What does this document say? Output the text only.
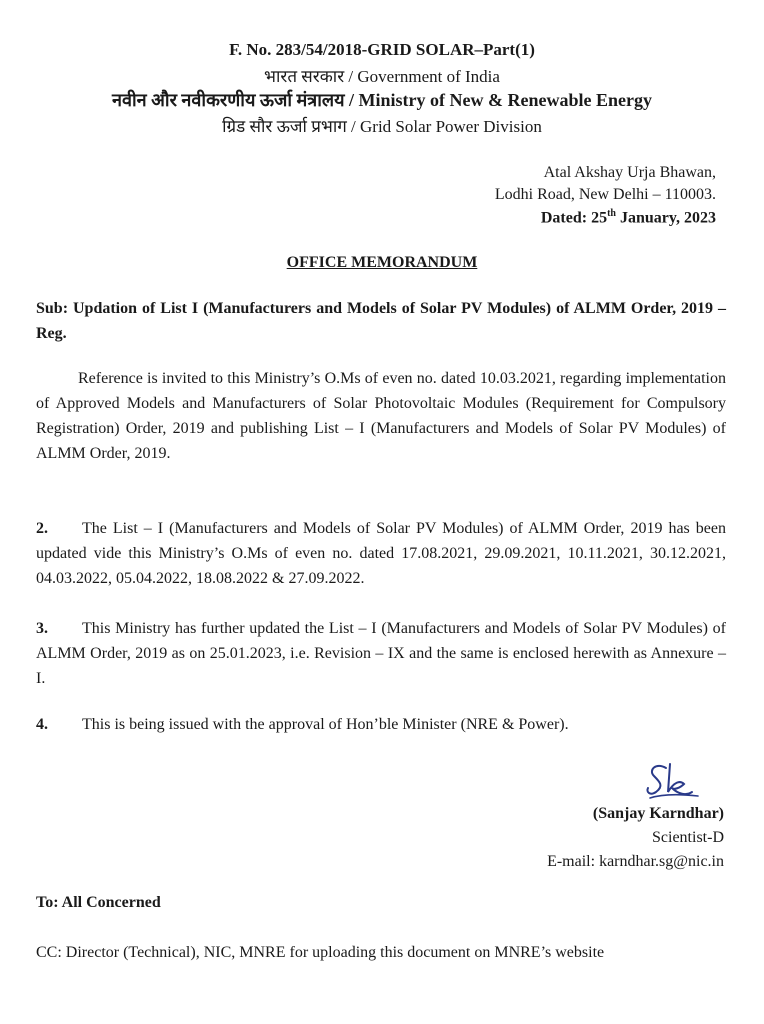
F. No. 283/54/2018-GRID SOLAR–Part(1)
भारत सरकार / Government of India
नवीन और नवीकरणीय ऊर्जा मंत्रालय / Ministry of New & Renewable Energy
ग्रिड सौर ऊर्जा प्रभाग / Grid Solar Power Division
Atal Akshay Urja Bhawan,
Lodhi Road, New Delhi – 110003.
Dated: 25th January, 2023
OFFICE MEMORANDUM
Sub: Updation of List I (Manufacturers and Models of Solar PV Modules) of ALMM Order, 2019 – Reg.
Reference is invited to this Ministry’s O.Ms of even no. dated 10.03.2021, regarding implementation of Approved Models and Manufacturers of Solar Photovoltaic Modules (Requirement for Compulsory Registration) Order, 2019 and publishing List – I (Manufacturers and Models of Solar PV Modules) of ALMM Order, 2019.
2. The List – I (Manufacturers and Models of Solar PV Modules) of ALMM Order, 2019 has been updated vide this Ministry’s O.Ms of even no. dated 17.08.2021, 29.09.2021, 10.11.2021, 30.12.2021, 04.03.2022, 05.04.2022, 18.08.2022 & 27.09.2022.
3. This Ministry has further updated the List – I (Manufacturers and Models of Solar PV Modules) of ALMM Order, 2019 as on 25.01.2023, i.e. Revision – IX and the same is enclosed herewith as Annexure – I.
4. This is being issued with the approval of Hon’ble Minister (NRE & Power).
(Sanjay Karndhar)
Scientist-D
E-mail: karndhar.sg@nic.in
To: All Concerned
CC: Director (Technical), NIC, MNRE for uploading this document on MNRE’s website
